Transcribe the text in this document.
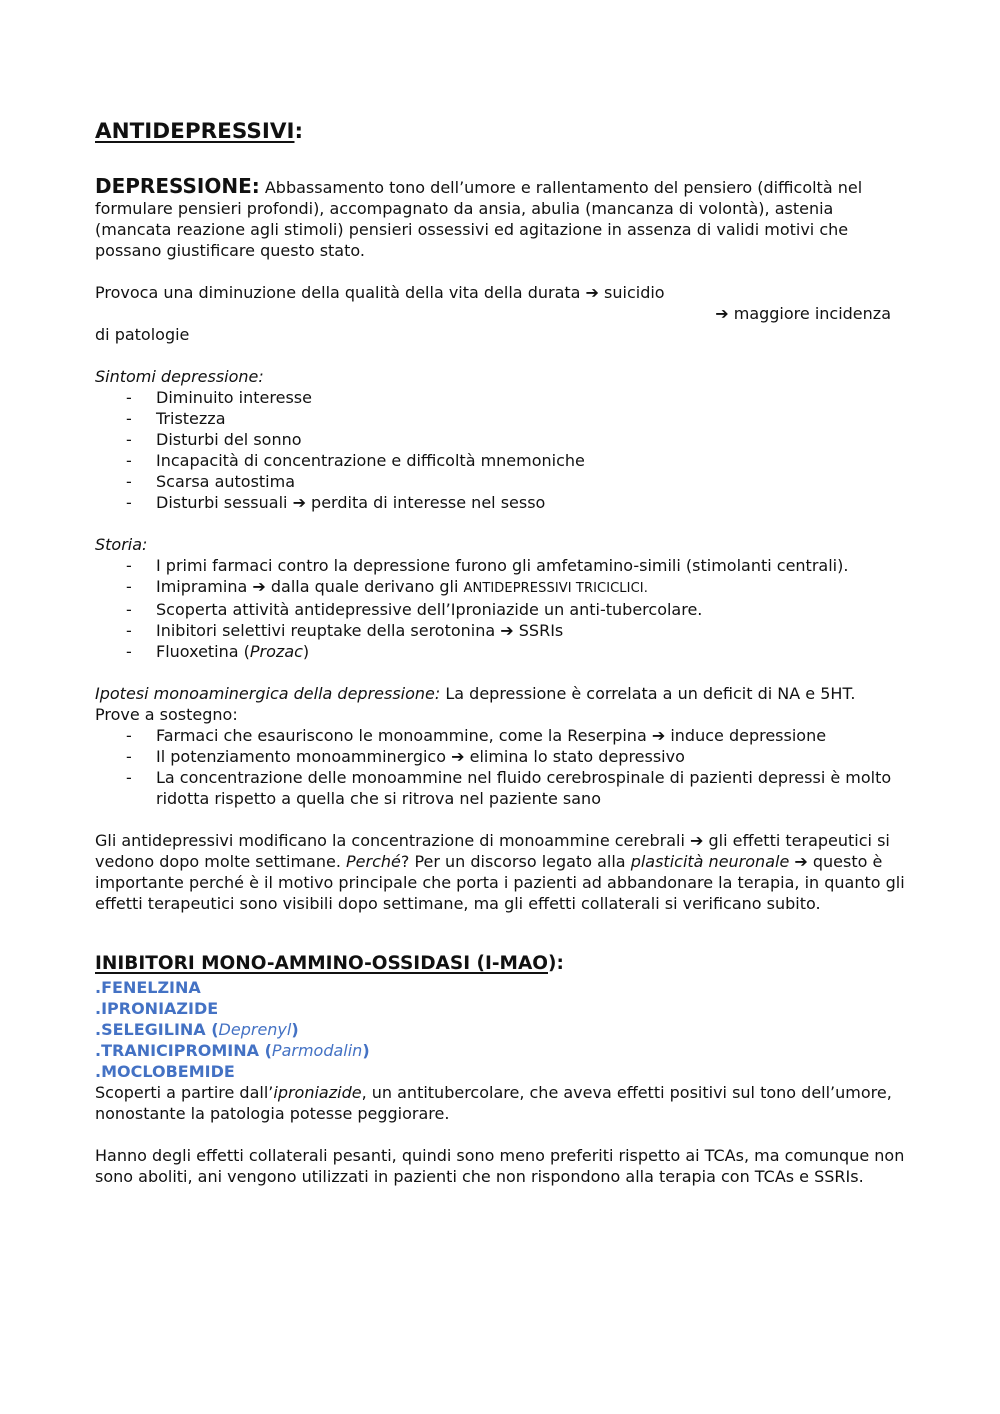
ANTIDEPRESSIVI:

DEPRESSIONE: Abbassamento tono dell’umore e rallentamento del pensiero (difficoltà nel formulare pensieri profondi), accompagnato da ansia, abulia (mancanza di volontà), astenia (mancata reazione agli stimoli) pensieri ossessivi ed agitazione in assenza di validi motivi che possano giustificare questo stato.

Provoca una diminuzione della qualità della vita della durata ➔ suicidio

➔ maggiore incidenza

di patologie

Sintomi depressione:

- Diminuito interesse
- Tristezza
- Disturbi del sonno
- Incapacità di concentrazione e difficoltà mnemoniche
- Scarsa autostima
- Disturbi sessuali ➔ perdita di interesse nel sesso

Storia:

- I primi farmaci contro la depressione furono gli amfetamino-simili (stimolanti centrali).
- Imipramina ➔ dalla quale derivano gli ANTIDEPRESSIVI TRICICLICI.
- Scoperta attività antidepressive dell’Iproniazide un anti-tubercolare.
- Inibitori selettivi reuptake della serotonina ➔ SSRIs
- Fluoxetina (Prozac)

Ipotesi monoaminergica della depressione: La depressione è correlata a un deficit di NA e 5HT.

Prove a sostegno:

- Farmaci che esauriscono le monoammine, come la Reserpina ➔ induce depressione
- Il potenziamento monoamminergico ➔ elimina lo stato depressivo
- La concentrazione delle monoammine nel fluido cerebrospinale di pazienti depressi è molto ridotta rispetto a quella che si ritrova nel paziente sano

Gli antidepressivi modificano la concentrazione di monoammine cerebrali ➔ gli effetti terapeutici si vedono dopo molte settimane. Perché? Per un discorso legato alla plasticità neuronale ➔ questo è importante perché è il motivo principale che porta i pazienti ad abbandonare la terapia, in quanto gli effetti terapeutici sono visibili dopo settimane, ma gli effetti collaterali si verificano subito.

INIBITORI MONO-AMMINO-OSSIDASI (I-MAO):

.FENELZINA

.IPRONIAZIDE

.SELEGILINA (Deprenyl)

.TRANICIPROMINA (Parmodalin)

.MOCLOBEMIDE

Scoperti a partire dall’iproniazide, un antitubercolare, che aveva effetti positivi sul tono dell’umore, nonostante la patologia potesse peggiorare.

Hanno degli effetti collaterali pesanti, quindi sono meno preferiti rispetto ai TCAs, ma comunque non sono aboliti, ani vengono utilizzati in pazienti che non rispondono alla terapia con TCAs e SSRIs.
